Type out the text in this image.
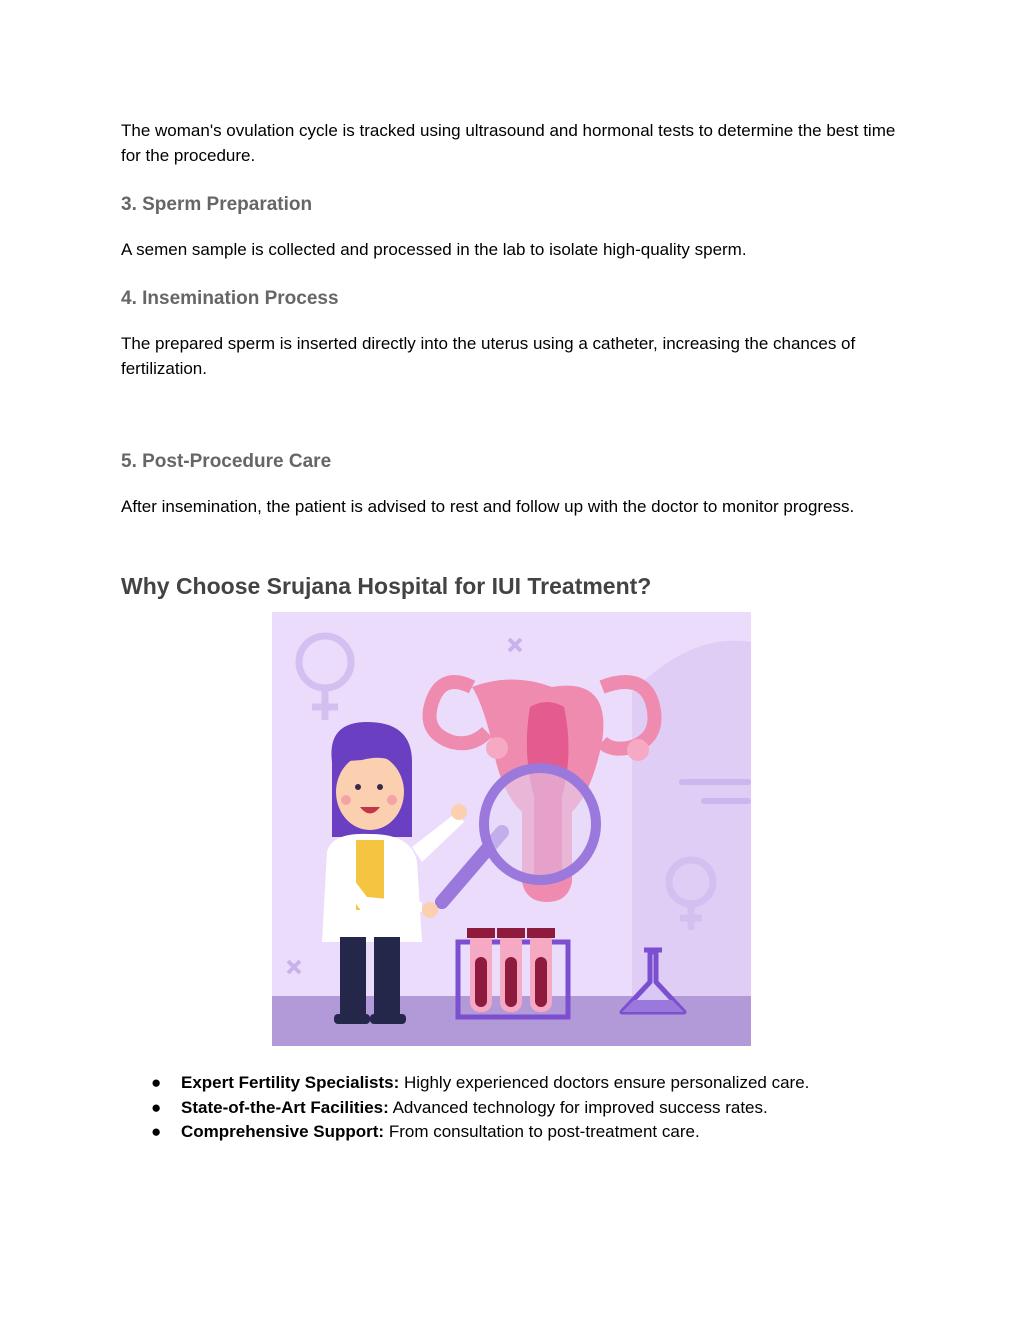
The woman's ovulation cycle is tracked using ultrasound and hormonal tests to determine the best time for the procedure.

3. Sperm Preparation

A semen sample is collected and processed in the lab to isolate high-quality sperm.

4. Insemination Process

The prepared sperm is inserted directly into the uterus using a catheter, increasing the chances of fertilization.

5. Post-Procedure Care

After insemination, the patient is advised to rest and follow up with the doctor to monitor progress.

Why Choose Srujana Hospital for IUI Treatment?
● Expert Fertility Specialists: Highly experienced doctors ensure personalized care.
● State-of-the-Art Facilities: Advanced technology for improved success rates.
● Comprehensive Support: From consultation to post-treatment care.
